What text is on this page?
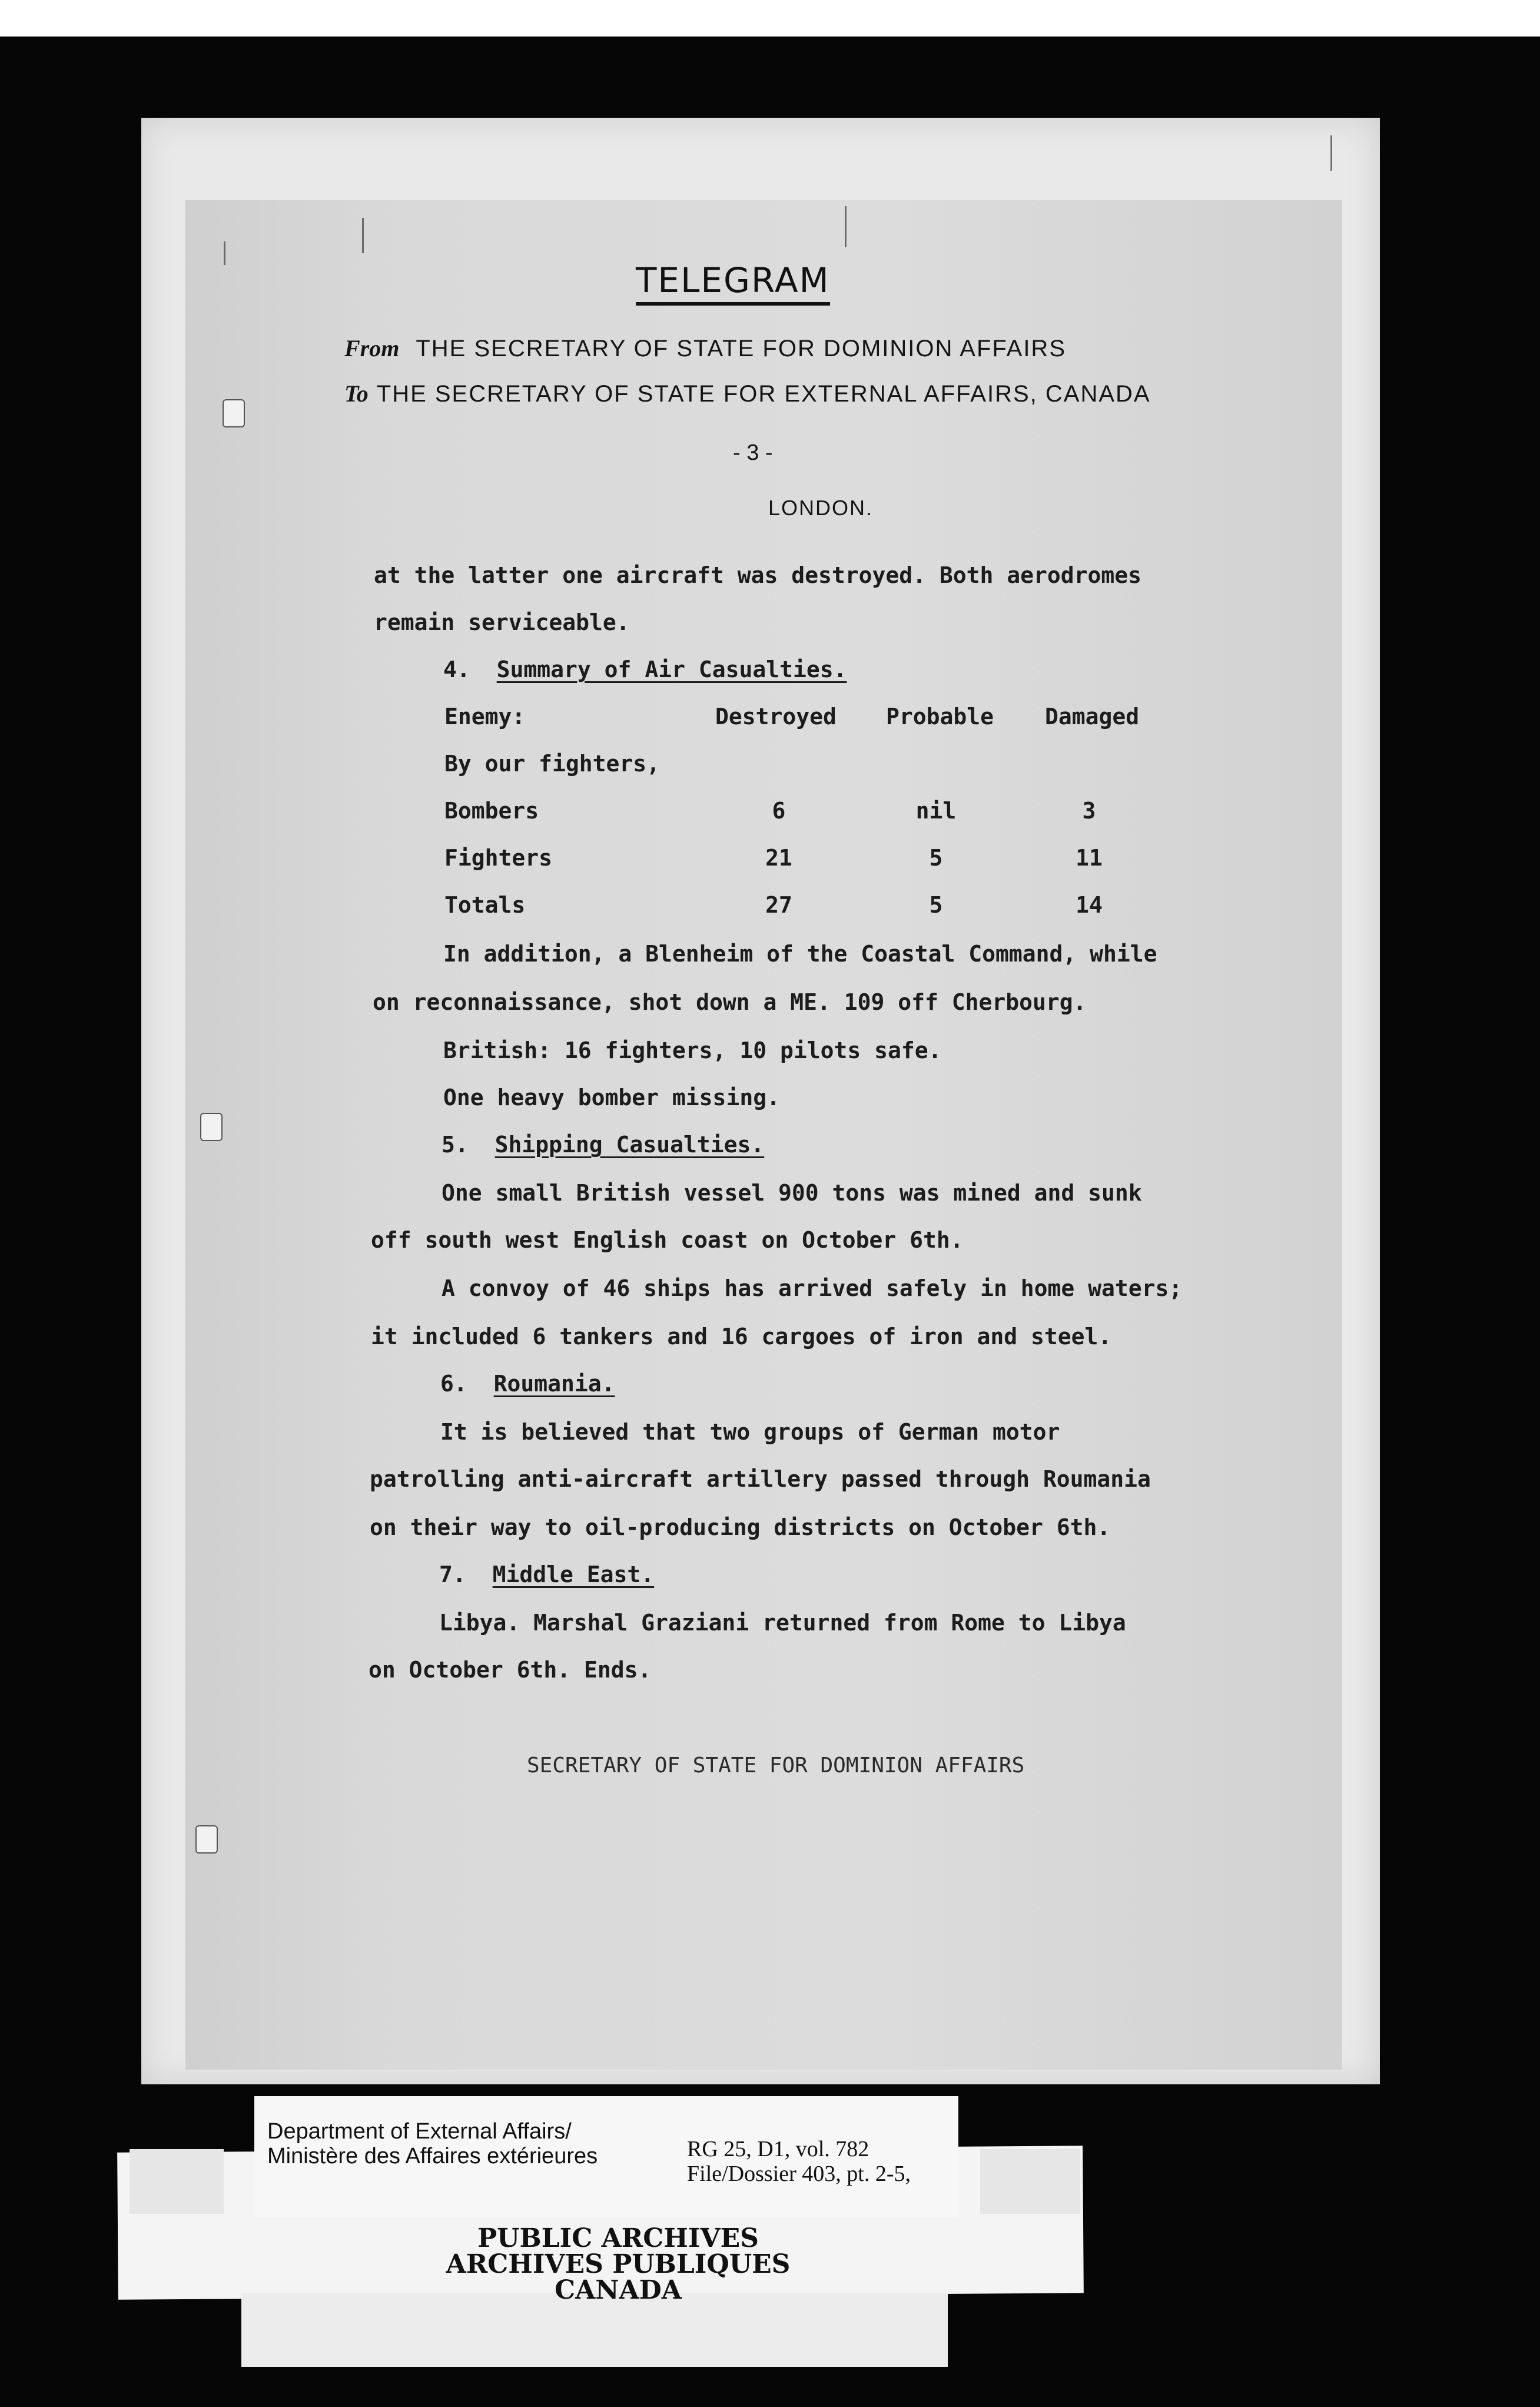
TELEGRAM
From THE SECRETARY OF STATE FOR DOMINION AFFAIRS
To THE SECRETARY OF STATE FOR EXTERNAL AFFAIRS, CANADA
- 3 -
LONDON.
at the latter one aircraft was destroyed. Both aerodromes
remain serviceable.
4. Summary of Air Casualties.
Enemy:	Destroyed Probable Damaged
By our fighters,
Bombers	6	nil	3
Fighters	21	5	11
Totals	27	5	14
In addition, a Blenheim of the Coastal Command, while
on reconnaissance, shot down a ME. 109 off Cherbourg.
British: 16 fighters, 10 pilots safe.
One heavy bomber missing.
5. Shipping Casualties.
One small British vessel 900 tons was mined and sunk
off south west English coast on October 6th.
A convoy of 46 ships has arrived safely in home waters;
it included 6 tankers and 16 cargoes of iron and steel.
6. Roumania.
It is believed that two groups of German motor
patrolling anti-aircraft artillery passed through Roumania
on their way to oil-producing districts on October 6th.
7. Middle East.
Libya. Marshal Graziani returned from Rome to Libya
on October 6th. Ends.
SECRETARY OF STATE FOR DOMINION AFFAIRS
Department of External Affairs/
Ministère des Affaires extérieures	RG 25, D1, vol. 782
File/Dossier 403, pt. 2-5,
PUBLIC ARCHIVES
ARCHIVES PUBLIQUES
CANADA
